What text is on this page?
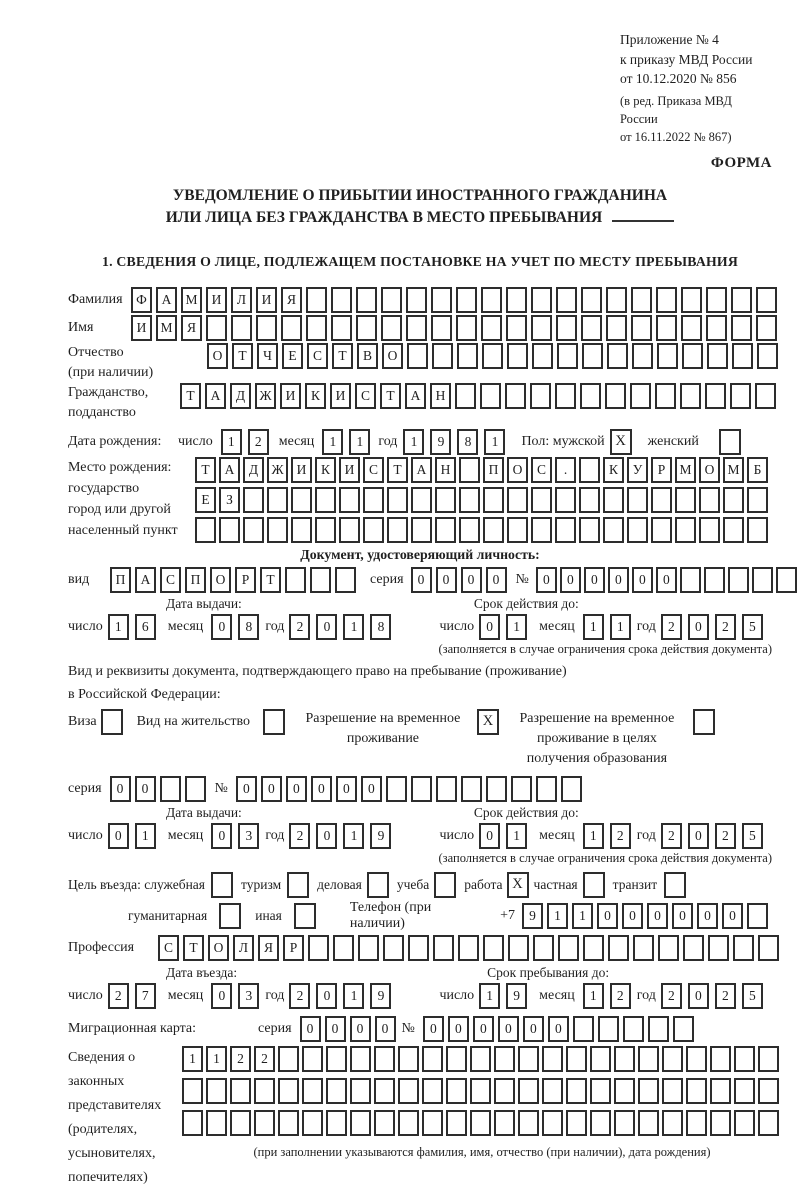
Приложение № 4
к приказу МВД России
от 10.12.2020 № 856
(в ред. Приказа МВД России
от 16.11.2022 № 867)
ФОРМА
УВЕДОМЛЕНИЕ О ПРИБЫТИИ ИНОСТРАННОГО ГРАЖДАНИНА
ИЛИ ЛИЦА БЕЗ ГРАЖДАНСТВА В МЕСТО ПРЕБЫВАНИЯ
1. СВЕДЕНИЯ О ЛИЦЕ, ПОДЛЕЖАЩЕМ ПОСТАНОВКЕ НА УЧЕТ ПО МЕСТУ ПРЕБЫВАНИЯ
Фамилия	Ф	А	М	И	Л	И	Я
Имя	И	М	Я
Отчество
(при наличии)
О	Т	Ч	Е	С	Т	В	О
Гражданство,
подданство
Т	А	Д	Ж	И	К	И	С	Т	А	Н
Дата рождения:	число	1	2	месяц	1	1	год 1	9	8	1	Пол: мужской X	женский
Место рождения:
государство
город или другой
населенный пункт
Т	А	Д Ж И	К	И	С	Т	А	Н	П	О	С	.	К	У	Р	М О М	Б
Е	З
Документ, удостоверяющий личность:
вид	П	А	С	П	О	Р	Т	серия	0	0	0	0	№	0	0	0	0	0	0
Дата выдачи:	Срок действия до:
число 1	6	месяц	0	8 год 2	0	1	8	число 0	1	месяц	1	1 год 2	0	2	5
(заполняется в случае ограничения срока действия документа)
Вид и реквизиты документа, подтверждающего право на пребывание (проживание)
в Российской Федерации:
Виза	Вид на жительство	Разрешение на временное
проживание
X	Разрешение на временное
проживание в целях
получения образования
серия	0	0	№	0	0	0	0	0	0
Дата выдачи:	Срок действия до:
число 0	1	месяц	0	3 год 2	0	1	9	число 0	1	месяц	1	2 год 2	0	2	5
(заполняется в случае ограничения срока действия документа)
Цель въезда: служебная	туризм	деловая	учеба	работа X частная	транзит
гуманитарная	иная
Телефон (при наличии)
+7	9	1	1	0	0	0	0	0	0
Профессия	С	Т	О	Л	Я	Р
Дата въезда:	Срок пребывания до:
число 2	7	месяц	0	3 год 2	0	1	9	число 1	9	месяц	1	2 год 2	0	2	5
Миграционная карта:	серия	0	0	0	0 №	0	0	0	0	0	0
Сведения о
законных
представителях
(родителях,
усыновителях,
попечителях)
1	1	2	2
(при заполнении указываются фамилия, имя, отчество (при наличии), дата рождения)
